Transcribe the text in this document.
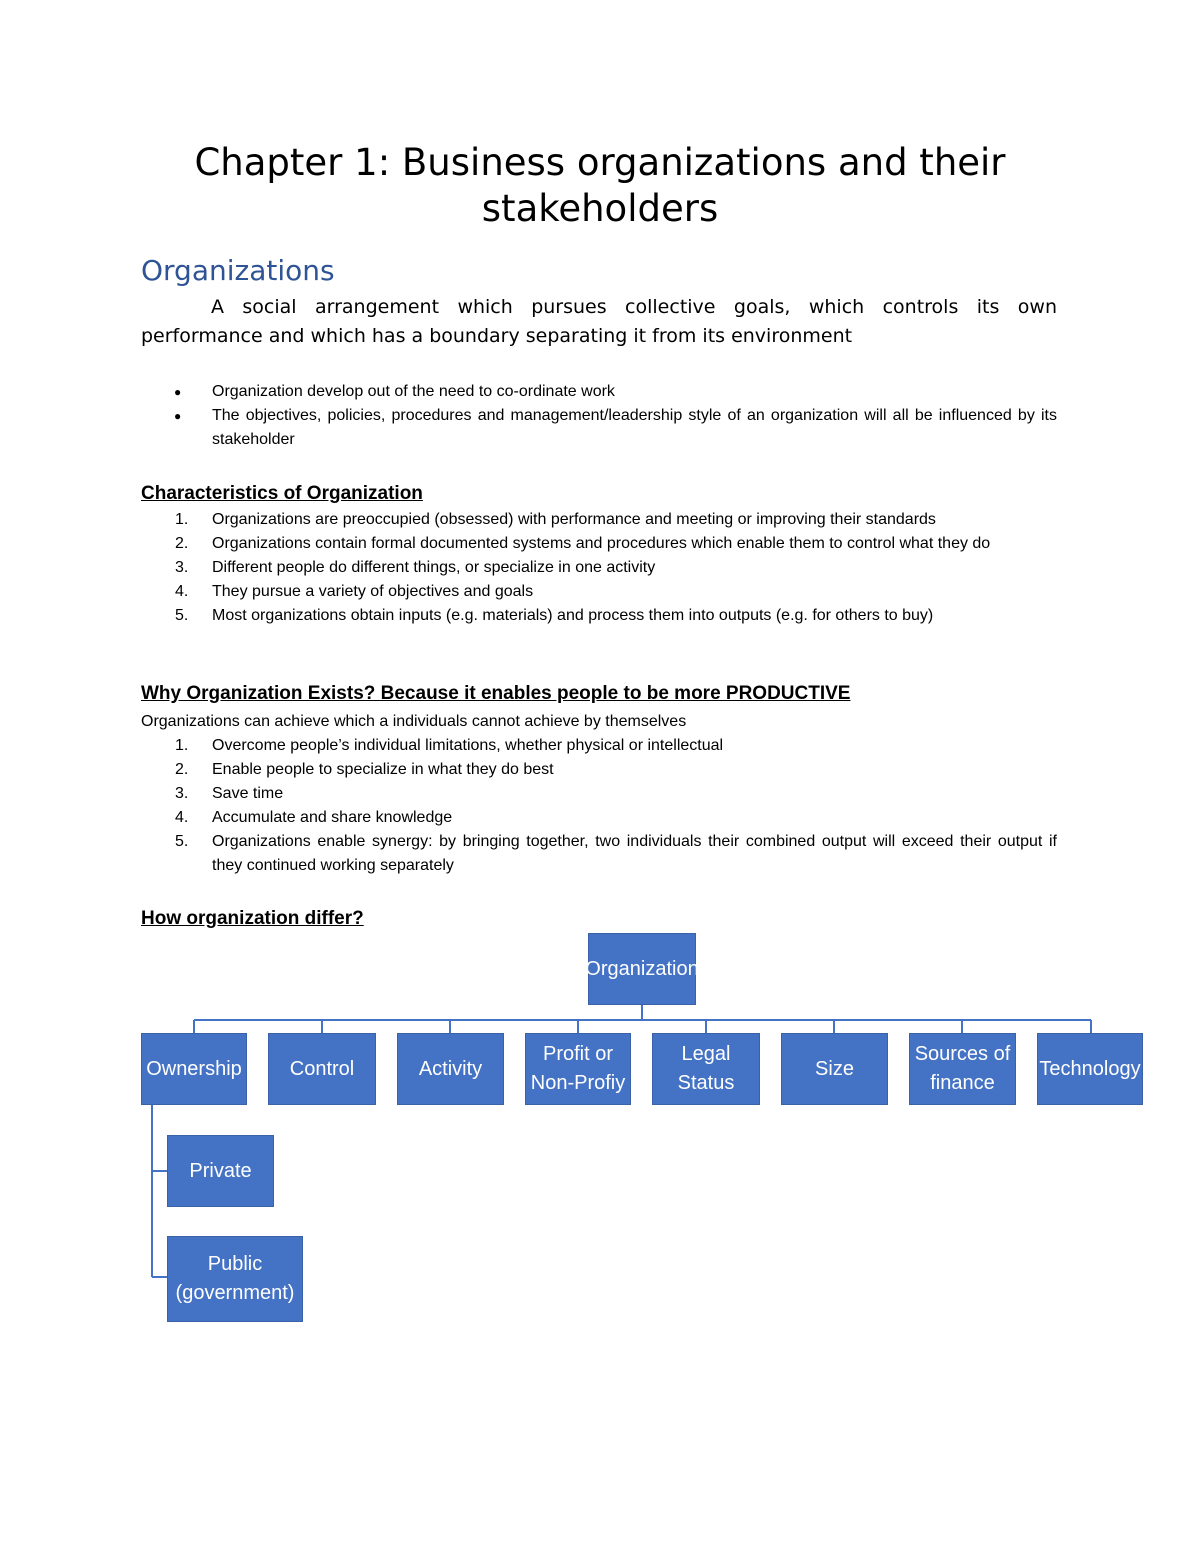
Chapter 1: Business organizations and their stakeholders
Organizations

A social arrangement which pursues collective goals, which controls its own performance and which has a boundary separating it from its environment

● Organization develop out of the need to co-ordinate work
● The objectives, policies, procedures and management/leadership style of an organization will all be influenced by its stakeholder
Characteristics of Organization
1. Organizations are preoccupied (obsessed) with performance and meeting or improving their standards
2. Organizations contain formal documented systems and procedures which enable them to control what they do
3. Different people do different things, or specialize in one activity
4. They pursue a variety of objectives and goals
5. Most organizations obtain inputs (e.g. materials) and process them into outputs (e.g. for others to buy)
Why Organization Exists? Because it enables people to be more PRODUCTIVE

Organizations can achieve which a individuals cannot achieve by themselves

1. Overcome people’s individual limitations, whether physical or intellectual
2. Enable people to specialize in what they do best
3. Save time
4. Accumulate and share knowledge
5. Organizations enable synergy: by bringing together, two individuals their combined output will exceed their output if they continued working separately
How organization differ?
Organization
Ownership Control	Activity
Profit or Non-Profiy
Legal Status
Size
Sources of finance
Technology
Private
Public (government)
